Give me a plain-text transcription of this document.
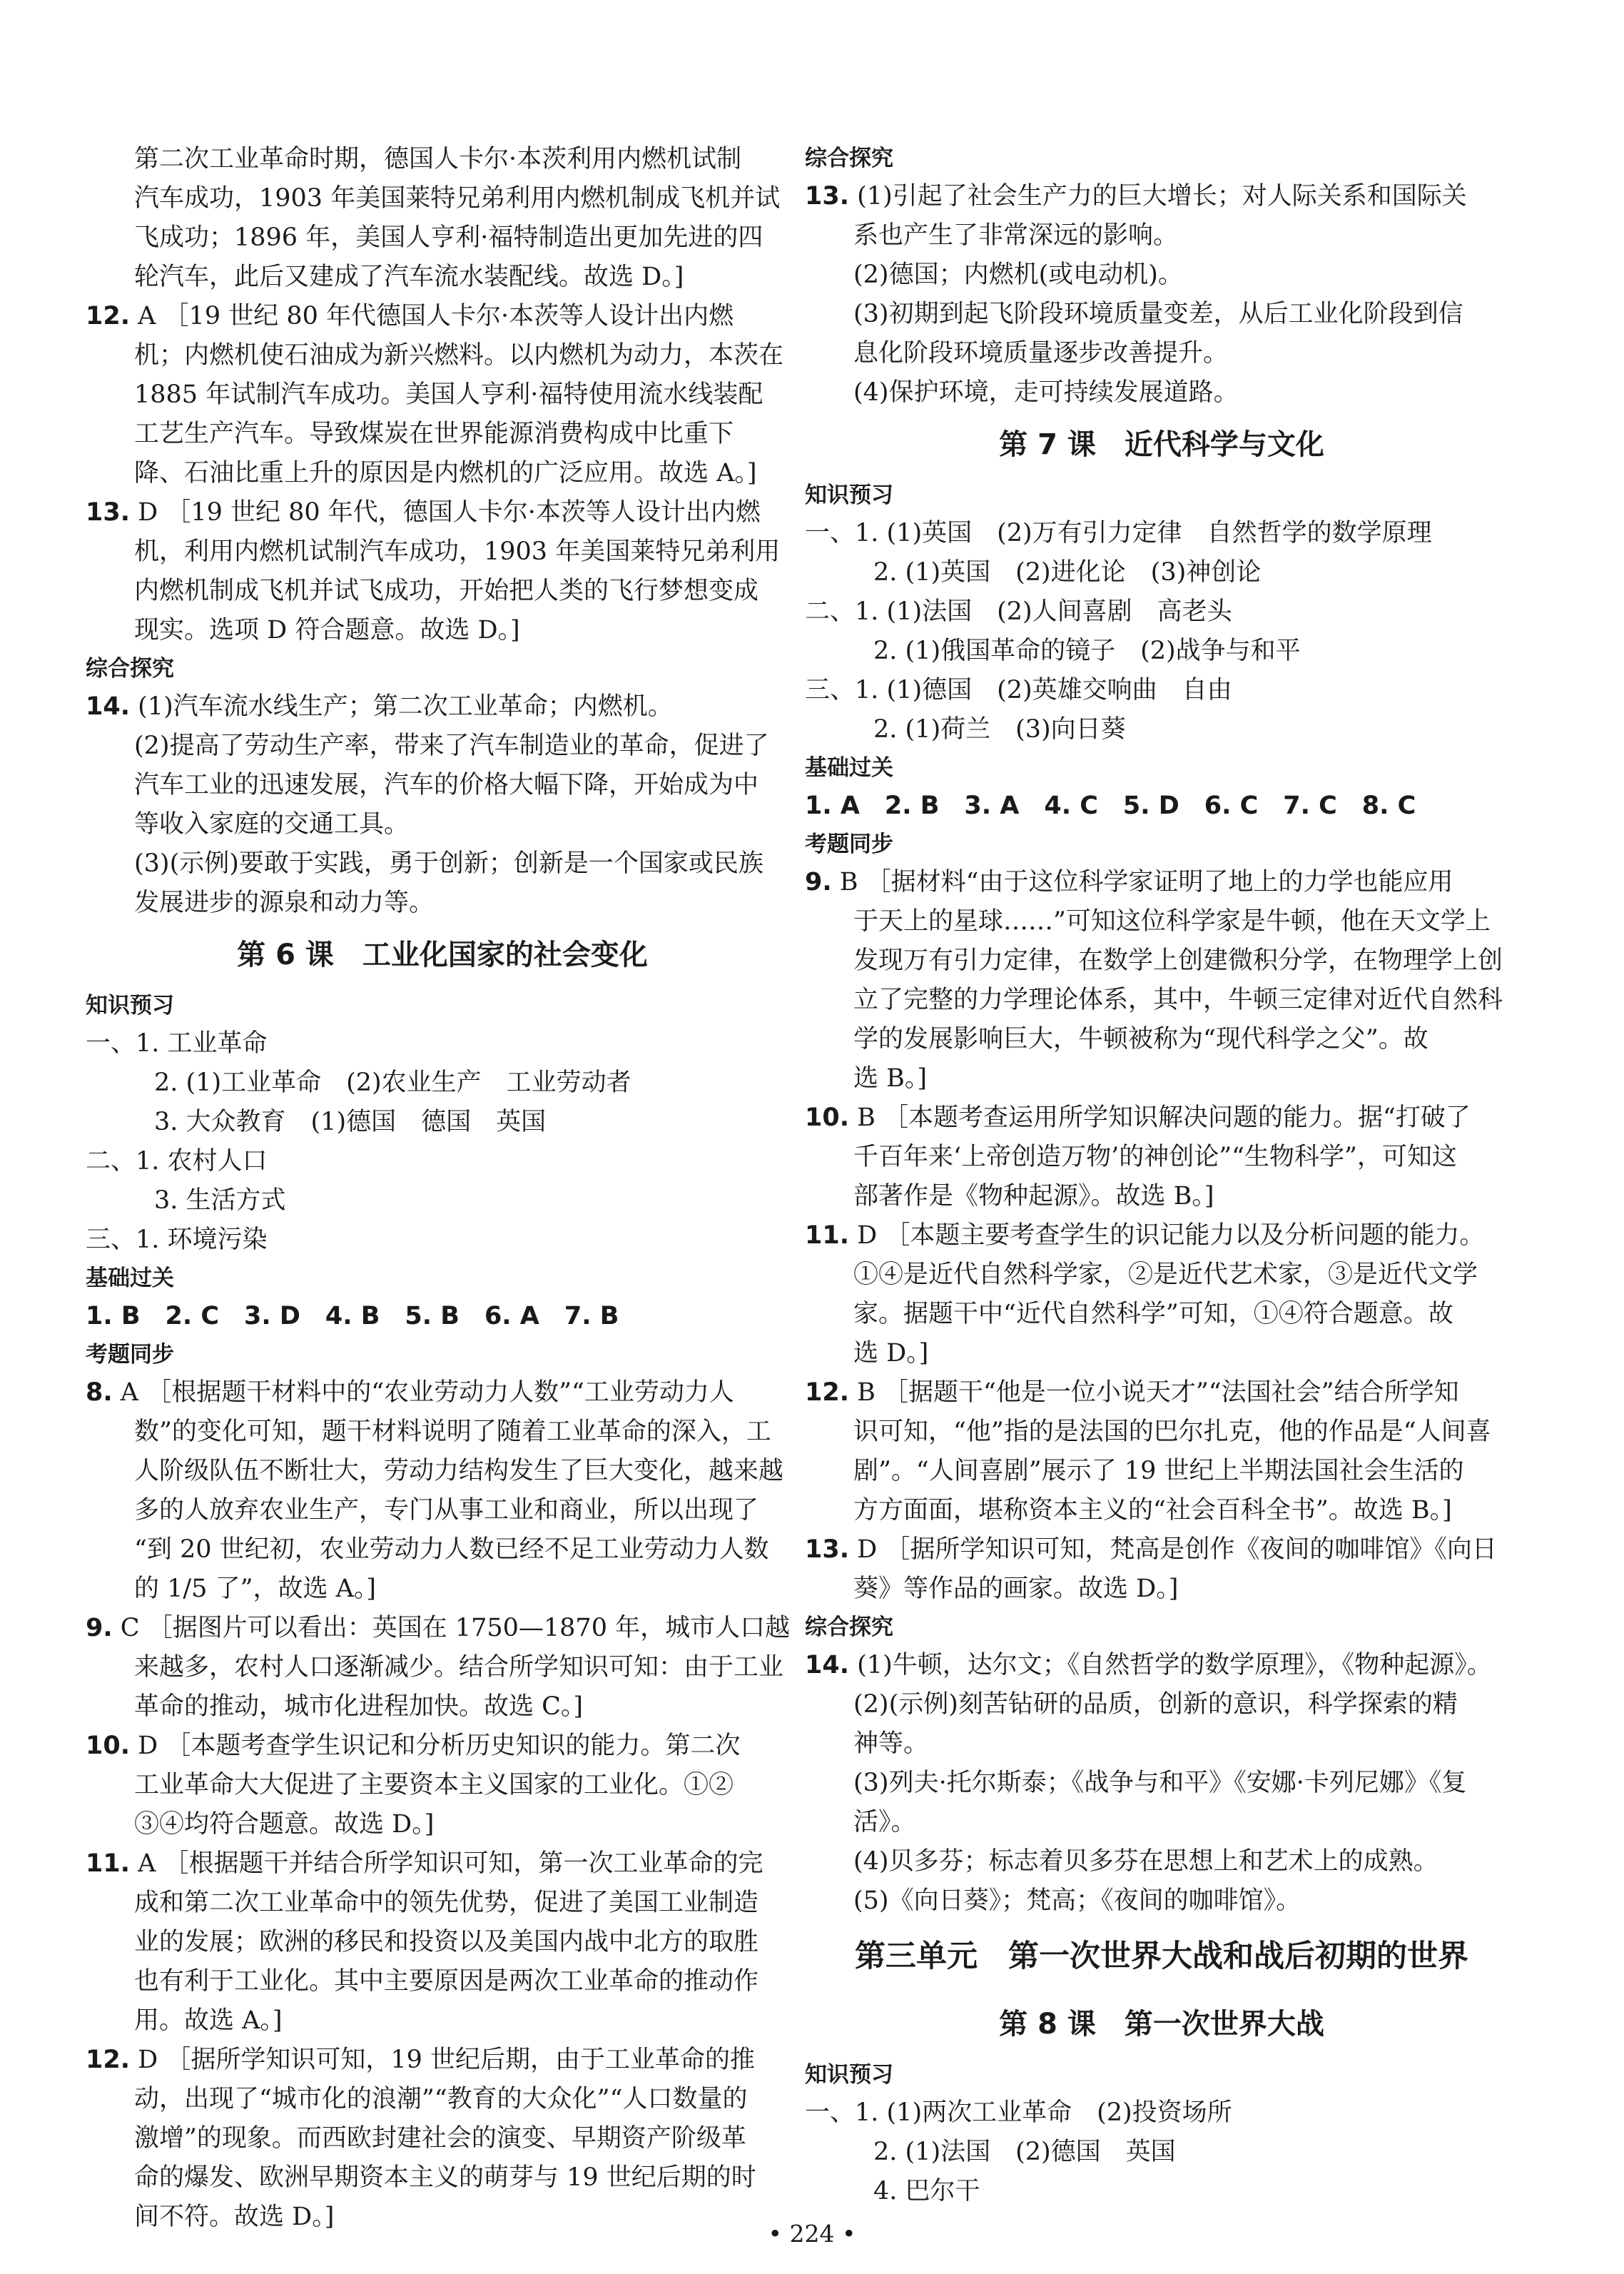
第二次工业革命时期，德国人卡尔·本茨利用内燃机试制
汽车成功，1903 年美国莱特兄弟利用内燃机制成飞机并试
飞成功；1896 年，美国人亨利·福特制造出更加先进的四
轮汽车，此后又建成了汽车流水装配线。故选 D。]
12. A ［19 世纪 80 年代德国人卡尔·本茨等人设计出内燃
机；内燃机使石油成为新兴燃料。以内燃机为动力，本茨在
1885 年试制汽车成功。美国人亨利·福特使用流水线装配
工艺生产汽车。导致煤炭在世界能源消费构成中比重下
降、石油比重上升的原因是内燃机的广泛应用。故选 A。]
13. D ［19 世纪 80 年代，德国人卡尔·本茨等人设计出内燃
机，利用内燃机试制汽车成功，1903 年美国莱特兄弟利用
内燃机制成飞机并试飞成功，开始把人类的飞行梦想变成
现实。选项 D 符合题意。故选 D。]
综合探究
14. (1)汽车流水线生产；第二次工业革命；内燃机。
(2)提高了劳动生产率，带来了汽车制造业的革命，促进了
汽车工业的迅速发展，汽车的价格大幅下降，开始成为中
等收入家庭的交通工具。
(3)(示例)要敢于实践，勇于创新；创新是一个国家或民族
发展进步的源泉和动力等。
第 6 课　工业化国家的社会变化
知识预习
一、1. 工业革命
2. (1)工业革命　(2)农业生产　工业劳动者
3. 大众教育　(1)德国　德国　英国
二、1. 农村人口
3. 生活方式
三、1. 环境污染
基础过关
1. B　2. C　3. D　4. B　5. B　6. A　7. B
考题同步
8. A ［根据题干材料中的“农业劳动力人数”“工业劳动力人
数”的变化可知，题干材料说明了随着工业革命的深入，工
人阶级队伍不断壮大，劳动力结构发生了巨大变化，越来越
多的人放弃农业生产，专门从事工业和商业，所以出现了
“到 20 世纪初，农业劳动力人数已经不足工业劳动力人数
的 1/5 了”，故选 A。]
9. C ［据图片可以看出：英国在 1750—1870 年，城市人口越
来越多，农村人口逐渐减少。结合所学知识可知：由于工业
革命的推动，城市化进程加快。故选 C。]
10. D ［本题考查学生识记和分析历史知识的能力。第二次
工业革命大大促进了主要资本主义国家的工业化。①②
③④均符合题意。故选 D。]
11. A ［根据题干并结合所学知识可知，第一次工业革命的完
成和第二次工业革命中的领先优势，促进了美国工业制造
业的发展；欧洲的移民和投资以及美国内战中北方的取胜
也有利于工业化。其中主要原因是两次工业革命的推动作
用。故选 A。]
12. D ［据所学知识可知，19 世纪后期，由于工业革命的推
动，出现了“城市化的浪潮”“教育的大众化”“人口数量的
激增”的现象。而西欧封建社会的演变、早期资产阶级革
命的爆发、欧洲早期资本主义的萌芽与 19 世纪后期的时
间不符。故选 D。]
综合探究
13. (1)引起了社会生产力的巨大增长；对人际关系和国际关
系也产生了非常深远的影响。
(2)德国；内燃机(或电动机)。
(3)初期到起飞阶段环境质量变差，从后工业化阶段到信
息化阶段环境质量逐步改善提升。
(4)保护环境，走可持续发展道路。
第 7 课　近代科学与文化
知识预习
一、1. (1)英国　(2)万有引力定律　自然哲学的数学原理
2. (1)英国　(2)进化论　(3)神创论
二、1. (1)法国　(2)人间喜剧　高老头
2. (1)俄国革命的镜子　(2)战争与和平
三、1. (1)德国　(2)英雄交响曲　自由
2. (1)荷兰　(3)向日葵
基础过关
1. A　2. B　3. A　4. C　5. D　6. C　7. C　8. C
考题同步
9. B ［据材料“由于这位科学家证明了地上的力学也能应用
于天上的星球……”可知这位科学家是牛顿，他在天文学上
发现万有引力定律，在数学上创建微积分学，在物理学上创
立了完整的力学理论体系，其中，牛顿三定律对近代自然科
学的发展影响巨大，牛顿被称为“现代科学之父”。故
选 B。]
10. B ［本题考查运用所学知识解决问题的能力。据“打破了
千百年来‘上帝创造万物’的神创论”“生物科学”，可知这
部著作是《物种起源》。故选 B。]
11. D ［本题主要考查学生的识记能力以及分析问题的能力。
①④是近代自然科学家，②是近代艺术家，③是近代文学
家。据题干中“近代自然科学”可知，①④符合题意。故
选 D。]
12. B ［据题干“他是一位小说天才”“法国社会”结合所学知
识可知，“他”指的是法国的巴尔扎克，他的作品是“人间喜
剧”。“人间喜剧”展示了 19 世纪上半期法国社会生活的
方方面面，堪称资本主义的“社会百科全书”。故选 B。]
13. D ［据所学知识可知，梵高是创作《夜间的咖啡馆》《向日
葵》等作品的画家。故选 D。]
综合探究
14. (1)牛顿，达尔文；《自然哲学的数学原理》，《物种起源》。
(2)(示例)刻苦钻研的品质，创新的意识，科学探索的精
神等。
(3)列夫·托尔斯泰；《战争与和平》《安娜·卡列尼娜》《复
活》。
(4)贝多芬；标志着贝多芬在思想上和艺术上的成熟。
(5)《向日葵》；梵高；《夜间的咖啡馆》。
第三单元　第一次世界大战和战后初期的世界
第 8 课　第一次世界大战
知识预习
一、1. (1)两次工业革命　(2)投资场所
2. (1)法国　(2)德国　英国
4. 巴尔干
• 224 •
